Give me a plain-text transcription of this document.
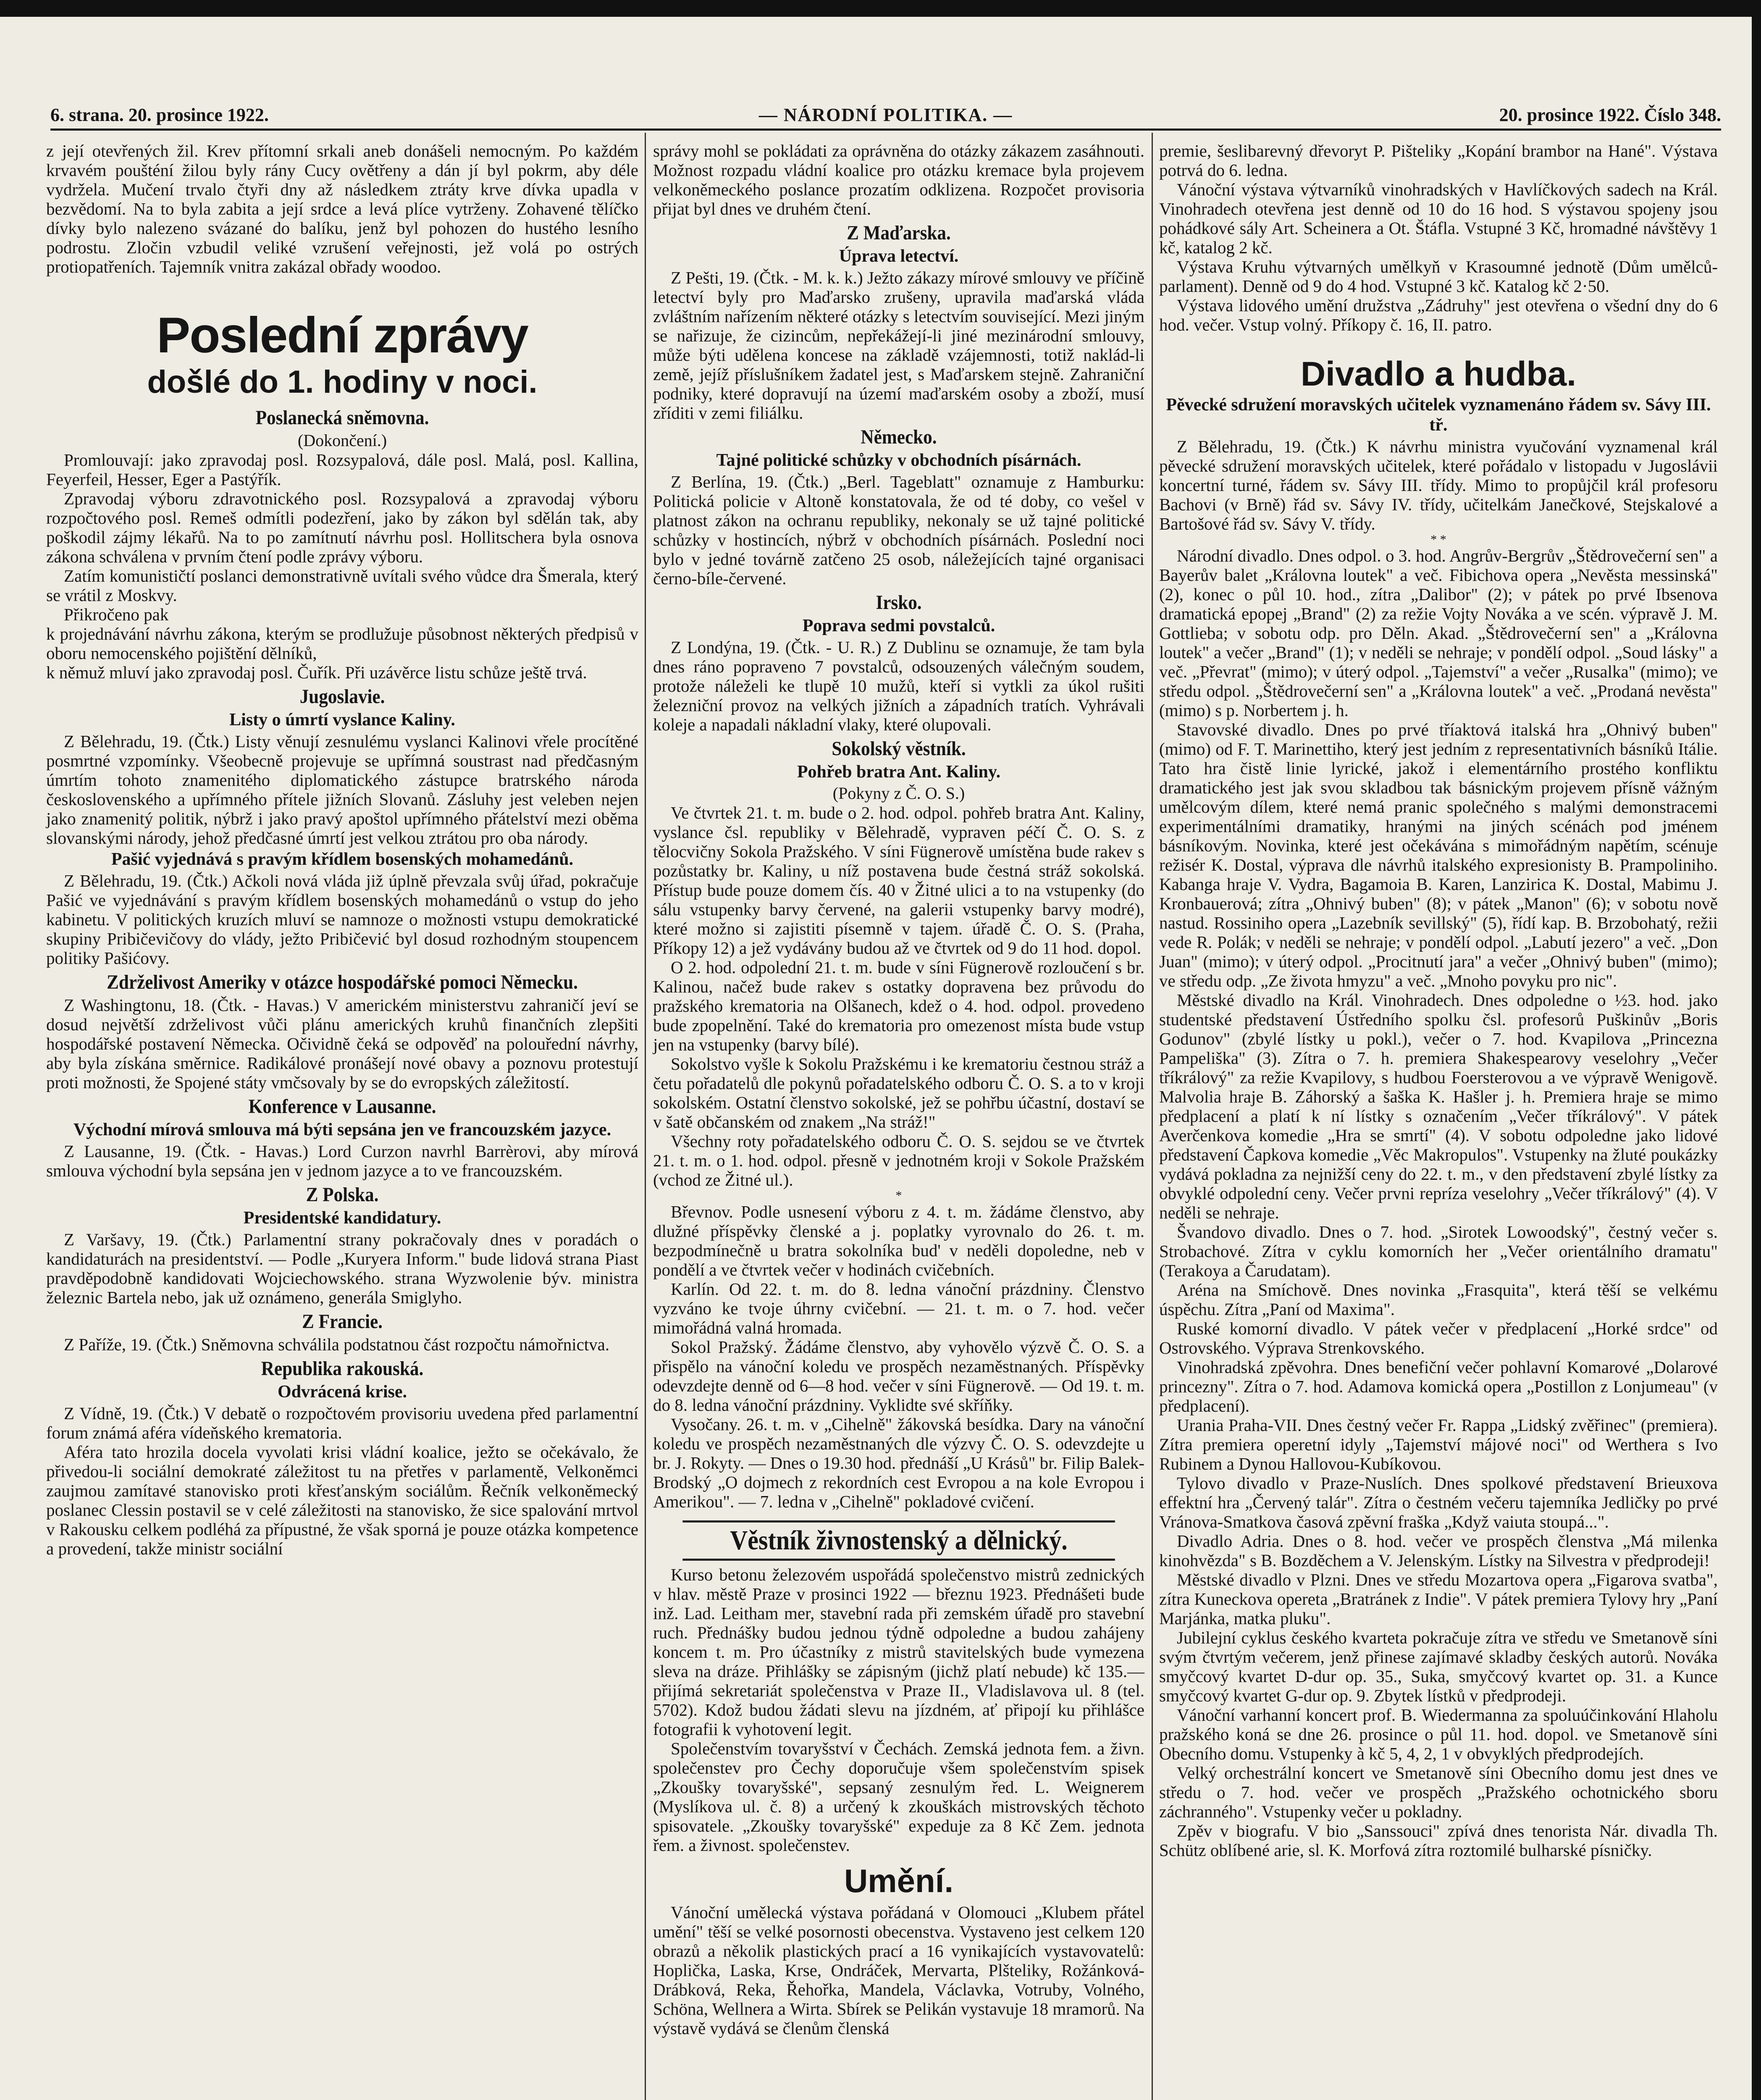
6. strana. 20. prosince 1922.	— NÁRODNÍ POLITIKA. —	20. prosince 1922. Číslo 348.

z její otevřených žil. Krev přítomní srkali aneb donášeli nemocným. Po každém krvavém poušténí žilou byly rány Cucy ovětřeny a dán jí byl pokrm, aby déle vydržela. Mučení trvalo čtyři dny až následkem ztráty krve dívka upadla v bezvědomí. Na to byla zabita a její srdce a levá plíce vytrženy. Zohavené tělíčko dívky bylo nalezeno svázané do balíku, jenž byl pohozen do hustého lesního podrostu. Zločin vzbudil veliké vzrušení veřejnosti, jež volá po ostrých protiopatřeních. Tajemník vnitra zakázal obřady woodoo.

Poslední zprávy
došlé do 1. hodiny v noci.
Poslanecká sněmovna.
(Dokončení.)

Promlouvají: jako zpravodaj posl. Rozsypalová, dále posl. Malá, posl. Kallina, Feyerfeil, Hesser, Eger a Pastýřík.

Zpravodaj výboru zdravotnického posl. Rozsypalová a zpravodaj výboru rozpočtového posl. Remeš odmítli podezření, jako by zákon byl sdělán tak, aby poškodil zájmy lékařů. Na to po zamítnutí návrhu posl. Hollitschera byla osnova zákona schválena v prvním čtení podle zprávy výboru.

Zatím komunističtí poslanci demonstrativně uvítali svého vůdce dra Šmerala, který se vrátil z Moskvy.

Přikročeno pak

k projednávání návrhu zákona, kterým se prodlužuje působnost některých předpisů v oboru nemocenského pojištění dělníků,

k němuž mluví jako zpravodaj posl. Čuřík. Při uzávěrce listu schůze ještě trvá.

Jugoslavie.
Listy o úmrtí vyslance Kaliny.

Z Bělehradu, 19. (Čtk.) Listy věnují zesnulému vyslanci Kalinovi vřele procítěné posmrtné vzpomínky. Všeobecně projevuje se upřímná soustrast nad předčasným úmrtím tohoto znamenitého diplomatického zástupce bratrského národa československého a upřímného přítele jižních Slovanů. Zásluhy jest veleben nejen jako znamenitý politik, nýbrž i jako pravý apoštol upřímného přátelství mezi oběma slovanskými národy, jehož předčasné úmrtí jest velkou ztrátou pro oba národy.

Pašić vyjednává s pravým křídlem bosenských mohamedánů.

Z Bělehradu, 19. (Čtk.) Ačkoli nová vláda již úplně převzala svůj úřad, pokračuje Pašić ve vyjednávání s pravým křídlem bosenských mohamedánů o vstup do jeho kabinetu. V politických kruzích mluví se namnoze o možnosti vstupu demokratické skupiny Pribičevičovy do vlády, ježto Pribičević byl dosud rozhodným stoupencem politiky Pašićovy.

Zdrželivost Ameriky v otázce hospodářské pomoci Německu.

Z Washingtonu, 18. (Čtk. - Havas.) V americkém ministerstvu zahraničí jeví se dosud největší zdrželivost vůči plánu amerických kruhů finančních zlepšiti hospodářské postavení Německa. Očividně čeká se odpověď na polouřední návrhy, aby byla získána směrnice. Radikálové pronášejí nové obavy a poznovu protestují proti možnosti, že Spojené státy vmčsovaly by se do evropských záležitostí.

Konference v Lausanne.
Východní mírová smlouva má býti sepsána jen ve francouzském jazyce.

Z Lausanne, 19. (Čtk. - Havas.) Lord Curzon navrhl Barrèrovi, aby mírová smlouva východní byla sepsána jen v jednom jazyce a to ve francouzském.

Z Polska.
Presidentské kandidatury.

Z Varšavy, 19. (Čtk.) Parlamentní strany pokračovaly dnes v poradách o kandidaturách na presidentství. — Podle „Kuryera Inform." bude lidová strana Piast pravděpodobně kandidovati Wojciechowského. strana Wyzwolenie býv. ministra železnic Bartela nebo, jak už oznámeno, generála Smiglyho.

Z Francie.

Z Paříže, 19. (Čtk.) Sněmovna schválila podstatnou část rozpočtu námořnictva.

Republika rakouská.
Odvrácená krise.

Z Vídně, 19. (Čtk.) V debatě o rozpočtovém provisoriu uvedena před parlamentní forum známá aféra vídeňského krematoria.

Aféra tato hrozila docela vyvolati krisi vládní koalice, ježto se očekávalo, že přivedou-li sociální demokraté záležitost tu na přetřes v parlamentě, Velkoněmci zaujmou zamítavé stanovisko proti křesťanským sociálům. Řečník velkoněmecký poslanec Clessin postavil se v celé záležitosti na stanovisko, že sice spalování mrtvol v Rakousku celkem podléhá za přípustné, že však sporná je pouze otázka kompetence a provedení, takže ministr sociální

správy mohl se pokládati za oprávněna do otázky zákazem zasáhnouti. Možnost rozpadu vládní koalice pro otázku kremace byla projevem velkoněmeckého poslance prozatím odklizena. Rozpočet provisoria přijat byl dnes ve druhém čtení.

Z Maďarska.
Úprava letectví.

Z Pešti, 19. (Čtk. - M. k. k.) Ježto zákazy mírové smlouvy ve příčině letectví byly pro Maďarsko zrušeny, upravila maďarská vláda zvláštním nařízením některé otázky s letectvím související. Mezi jiným se nařizuje, že cizincům, nepřekážejí-li jiné mezinárodní smlouvy, může býti udělena koncese na základě vzájemnosti, totiž naklád-li země, jejíž příslušníkem žadatel jest, s Maďarskem stejně. Zahraniční podniky, které dopravují na území maďarském osoby a zboží, musí zříditi v zemi filiálku.

Německo.
Tajné politické schůzky v obchodních písárnách.

Z Berlína, 19. (Čtk.) „Berl. Tageblatt" oznamuje z Hamburku: Politická policie v Altoně konstatovala, že od té doby, co vešel v platnost zákon na ochranu republiky, nekonaly se už tajné politické schůzky v hostincích, nýbrž v obchodních písárnách. Poslední noci bylo v jedné továrně zatčeno 25 osob, náležejících tajné organisaci černo-bíle-červené.

Irsko.
Poprava sedmi povstalců.

Z Londýna, 19. (Čtk. - U. R.) Z Dublinu se oznamuje, že tam byla dnes ráno popraveno 7 povstalců, odsouzených válečným soudem, protože náleželi ke tlupě 10 mužů, kteří si vytkli za úkol rušiti železniční provoz na velkých jižních a západních tratích. Vyhrávali koleje a napadali nákladní vlaky, které olupovali.

Sokolský věstník.
Pohřeb bratra Ant. Kaliny.
(Pokyny z Č. O. S.)

Ve čtvrtek 21. t. m. bude o 2. hod. odpol. pohřeb bratra Ant. Kaliny, vyslance čsl. republiky v Bělehradě, vypraven péčí Č. O. S. z tělocvičny Sokola Pražského. V síni Fügnerově umístěna bude rakev s pozůstatky br. Kaliny, u níž postavena bude čestná stráž sokolská. Přístup bude pouze domem čís. 40 v Žitné ulici a to na vstupenky (do sálu vstupenky barvy červené, na galerii vstupenky barvy modré), které možno si zajistiti písemně v tajem. úřadě Č. O. S. (Praha, Příkopy 12) a jež vydávány budou až ve čtvrtek od 9 do 11 hod. dopol.

O 2. hod. odpolední 21. t. m. bude v síni Fügnerově rozloučení s br. Kalinou, načež bude rakev s ostatky dopravena bez průvodu do pražského krematoria na Olšanech, kdež o 4. hod. odpol. provedeno bude zpopelnění. Také do krematoria pro omezenost místa bude vstup jen na vstupenky (barvy bílé).

Sokolstvo vyšle k Sokolu Pražskému i ke krematoriu čestnou stráž a četu pořadatelů dle pokynů pořadatelského odboru Č. O. S. a to v kroji sokolském. Ostatní členstvo sokolské, jež se pohřbu účastní, dostaví se v šatě občanském od znakem „Na stráž!"

Všechny roty pořadatelského odboru Č. O. S. sejdou se ve čtvrtek 21. t. m. o 1. hod. odpol. přesně v jednotném kroji v Sokole Pražském (vchod ze Žitné ul.).

*

Břevnov. Podle usnesení výboru z 4. t. m. žádáme členstvo, aby dlužné příspěvky členské a j. poplatky vyrovnalo do 26. t. m. bezpodmínečně u bratra sokolníka bud' v neděli dopoledne, neb v pondělí a ve čtvrtek večer v hodinách cvičebních.

Karlín. Od 22. t. m. do 8. ledna vánoční prázdniny. Členstvo vyzváno ke tvoje úhrny cvičební. — 21. t. m. o 7. hod. večer mimořádná valná hromada.

Sokol Pražský. Žádáme členstvo, aby vyhovělo výzvě Č. O. S. a přispělo na vánoční koledu ve prospěch nezaměstnaných. Příspěvky odevzdejte denně od 6—8 hod. večer v síni Fügnerově. — Od 19. t. m. do 8. ledna vánoční prázdniny. Vyklidte své skříňky.

Vysočany. 26. t. m. v „Cihelně" žákovská besídka. Dary na vánoční koledu ve prospěch nezaměstnaných dle výzvy Č. O. S. odevzdejte u br. J. Rokyty. — Dnes o 19.30 hod. přednáší „U Krásů" br. Filip Balek-Brodský „O dojmech z rekordních cest Evropou a na kole Evropou i Amerikou". — 7. ledna v „Cihelně" pokladové cvičení.

Věstník živnostenský a dělnický.

Kurso betonu železovém uspořádá společenstvo mistrů zednických v hlav. městě Praze v prosinci 1922 — březnu 1923. Přednášeti bude inž. Lad. Leitham mer, stavební rada při zemském úřadě pro stavební ruch. Přednášky budou jednou týdně odpoledne a budou zahájeny koncem t. m. Pro účastníky z mistrů stavitelských bude vymezena sleva na dráze. Přihlášky se zápisným (jichž platí nebude) kč 135.— přijímá sekretariát společenstva v Praze II., Vladislavova ul. 8 (tel. 5702). Kdož budou žádati slevu na jízdném, ať připojí ku přihlášce fotografii k vyhotovení legit.

Společenstvím tovaryšství v Čechách. Zemská jednota fem. a živn. společenstev pro Čechy doporučuje všem společenstvím spisek „Zkoušky tovaryšské", sepsaný zesnulým řed. L. Weignerem (Myslíkova ul. č. 8) a určený k zkouškách mistrovských těchoto spisovatele. „Zkoušky tovaryšské" expeduje za 8 Kč Zem. jednota řem. a živnost. společenstev.

Umění.

Vánoční umělecká výstava pořádaná v Olomouci „Klubem přátel umění" těší se velké posornosti obecenstva. Vystaveno jest celkem 120 obrazů a několik plastických prací a 16 vynikajících vystavovatelů: Hoplička, Laska, Krse, Ondráček, Mervarta, Plšteliky, Rožánková-Drábková, Reka, Řehořka, Mandela, Václavka, Votruby, Volného, Schöna, Wellnera a Wirta. Sbírek se Pelikán vystavuje 18 mramorů. Na výstavě vydává se členům členská

premie, šeslibarevný dřevoryt P. Pišteliky „Kopání brambor na Hané". Výstava potrvá do 6. ledna.

Vánoční výstava výtvarníků vinohradských v Havlíčkových sadech na Král. Vinohradech otevřena jest denně od 10 do 16 hod. S výstavou spojeny jsou pohádkové sály Art. Scheinera a Ot. Štáfla. Vstupné 3 Kč, hromadné návštěvy 1 kč, katalog 2 kč.

Výstava Kruhu výtvarných umělkyň v Krasoumné jednotě (Dům umělců-parlament). Denně od 9 do 4 hod. Vstupné 3 kč. Katalog kč 2·50.

Výstava lidového umění družstva „Zádruhy" jest otevřena o všední dny do 6 hod. večer. Vstup volný. Příkopy č. 16, II. patro.

Divadlo a hudba.
Pěvecké sdružení moravských učitelek vyznamenáno řádem sv. Sávy III. tř.

Z Bělehradu, 19. (Čtk.) K návrhu ministra vyučování vyznamenal král pěvecké sdružení moravských učitelek, které pořádalo v listopadu v Jugoslávii koncertní turné, řádem sv. Sávy III. třídy. Mimo to propůjčil král profesoru Bachovi (v Brně) řád sv. Sávy IV. třídy, učitelkám Janečkové, Stejskalové a Bartošové řád sv. Sávy V. třídy.

* *

Národní divadlo. Dnes odpol. o 3. hod. Angrův-Bergrův „Štědrovečerní sen" a Bayerův balet „Královna loutek" a več. Fibichova opera „Nevěsta messinská" (2), konec o půl 10. hod., zítra „Dalibor" (2); v pátek po prvé Ibsenova dramatická epopej „Brand" (2) za režie Vojty Nováka a ve scén. výpravě J. M. Gottlieba; v sobotu odp. pro Děln. Akad. „Štědrovečerní sen" a „Královna loutek" a večer „Brand" (1); v neděli se nehraje; v pondělí odpol. „Soud lásky" a več. „Převrat" (mimo); v úterý odpol. „Tajemství" a večer „Rusalka" (mimo); ve středu odpol. „Štědrovečerní sen" a „Královna loutek" a več. „Prodaná nevěsta" (mimo) s p. Norbertem j. h.

Stavovské divadlo. Dnes po prvé tříaktová italská hra „Ohnivý buben" (mimo) od F. T. Marinettiho, který jest jedním z representativních básníků Itálie. Tato hra čistě linie lyrické, jakož i elementárního prostého konfliktu dramatického jest jak svou skladbou tak básnickým projevem přísně vážným umělcovým dílem, které nemá pranic společného s malými demonstracemi experimentálními dramatiky, hranými na jiných scénách pod jménem básníkovým. Novinka, které jest očekávána s mimořádným napětím, scénuje režisér K. Dostal, výprava dle návrhů italského expresionisty B. Prampoliniho. Kabanga hraje V. Vydra, Bagamoia B. Karen, Lanzirica K. Dostal, Mabimu J. Kronbauerová; zítra „Ohnivý buben" (8); v pátek „Manon" (6); v sobotu nově nastud. Rossiniho opera „Lazebník sevillský" (5), řídí kap. B. Brzobohatý, režii vede R. Polák; v neděli se nehraje; v pondělí odpol. „Labutí jezero" a več. „Don Juan" (mimo); v úterý odpol. „Procitnutí jara" a večer „Ohnivý buben" (mimo); ve středu odp. „Ze života hmyzu" a več. „Mnoho povyku pro nic".

Městské divadlo na Král. Vinohradech. Dnes odpoledne o ½3. hod. jako studentské představení Ústředního spolku čsl. profesorů Puškinův „Boris Godunov" (zbylé lístky u pokl.), večer o 7. hod. Kvapilova „Princezna Pampeliška" (3). Zítra o 7. h. premiera Shakespearovy veselohry „Večer tříkrálový" za režie Kvapilovy, s hudbou Foersterovou a ve výpravě Wenigově. Malvolia hraje B. Záhorský a šaška K. Hašler j. h. Premiera hraje se mimo předplacení a platí k ní lístky s označením „Večer tříkrálový". V pátek Averčenkova komedie „Hra se smrtí" (4). V sobotu odpoledne jako lidové představení Čapkova komedie „Věc Makropulos". Vstupenky na žluté poukázky vydává pokladna za nejnižší ceny do 22. t. m., v den představení zbylé lístky za obvyklé odpolední ceny. Večer prvni repríza veselohry „Večer tříkrálový" (4). V neděli se nehraje.

Švandovo divadlo. Dnes o 7. hod. „Sirotek Lowoodský", čestný večer s. Strobachové. Zítra v cyklu komorních her „Večer orientálního dramatu" (Terakoya a Čarudatam).

Aréna na Smíchově. Dnes novinka „Frasquita", která těší se velkému úspěchu. Zítra „Paní od Maxima".

Ruské komorní divadlo. V pátek večer v předplacení „Horké srdce" od Ostrovského. Výprava Strenkovského.

Vinohradská zpěvohra. Dnes benefiční večer pohlavní Komarové „Dolarové princezny". Zítra o 7. hod. Adamova komická opera „Postillon z Lonjumeau" (v předplacení).

Urania Praha-VII. Dnes čestný večer Fr. Rappa „Lidský zvěřinec" (premiera). Zítra premiera operetní idyly „Tajemství májové noci" od Werthera s Ivo Rubinem a Dynou Hallovou-Kubíkovou.

Tylovo divadlo v Praze-Nuslích. Dnes spolkové představení Brieuxova effektní hra „Červený talár". Zítra o čestném večeru tajemníka Jedličky po prvé Vránova-Smatkova časová zpěvní fraška „Když vaiuta stoupá...".

Divadlo Adria. Dnes o 8. hod. večer ve prospěch členstva „Má milenka kinohvězda" s B. Bozděchem a V. Jelenským. Lístky na Silvestra v předprodeji!

Městské divadlo v Plzni. Dnes ve středu Mozartova opera „Figarova svatba", zítra Kuneckova opereta „Bratránek z Indie". V pátek premiera Tylovy hry „Paní Marjánka, matka pluku".

Jubilejní cyklus českého kvarteta pokračuje zítra ve středu ve Smetanově síni svým čtvrtým večerem, jenž přinese zajímavé skladby českých autorů. Nováka smyčcový kvartet D-dur op. 35., Suka, smyčcový kvartet op. 31. a Kunce smyčcový kvartet G-dur op. 9. Zbytek lístků v předprodeji.

Vánoční varhanní koncert prof. B. Wiedermanna za spoluúčinkování Hlaholu pražského koná se dne 26. prosince o půl 11. hod. dopol. ve Smetanově síni Obecního domu. Vstupenky à kč 5, 4, 2, 1 v obvyklých předprodejích.

Velký orchestrální koncert ve Smetanově síni Obecního domu jest dnes ve středu o 7. hod. večer ve prospěch „Pražského ochotnického sboru záchranného". Vstupenky večer u pokladny.

Zpěv v biografu. V bio „Sanssouci" zpívá dnes tenorista Nár. divadla Th. Schütz oblíbené arie, sl. K. Morfová zítra roztomilé bulharské písničky.
